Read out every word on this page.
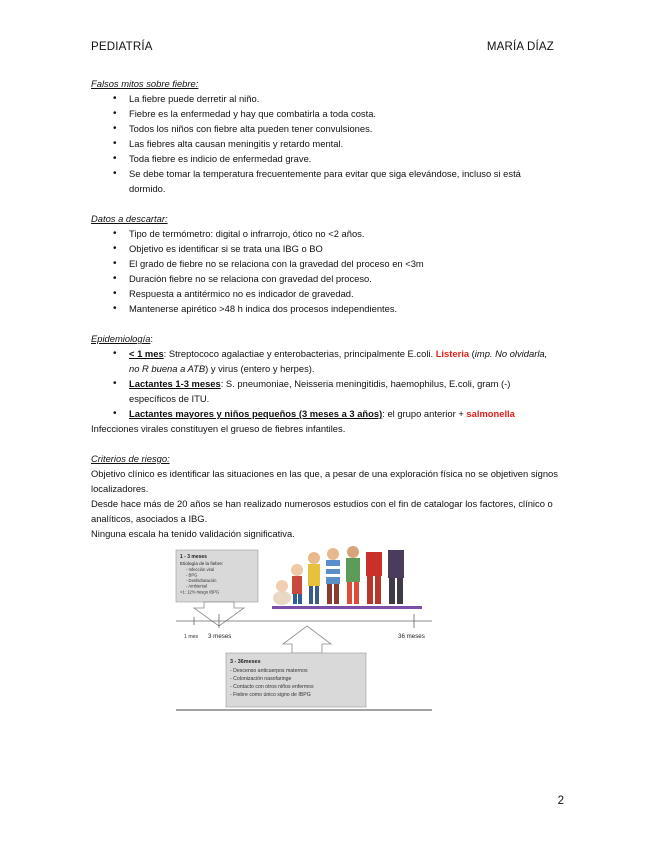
PEDIATRÍA	MARÍA DÍAZ

Falsos mitos sobre fiebre:

• La fiebre puede derretir al niño.
• Fiebre es la enfermedad y hay que combatirla a toda costa.
• Todos los niños con fiebre alta pueden tener convulsiones.
• Las fiebres alta causan meningitis y retardo mental.
• Toda fiebre es indicio de enfermedad grave.
• Se debe tomar la temperatura frecuentemente para evitar que siga elevándose, incluso si está dormido.

Datos a descartar:

• Tipo de termómetro: digital o infrarrojo, ótico no <2 años.
• Objetivo es identificar si se trata una IBG o BO
• El grado de fiebre no se relaciona con la gravedad del proceso en <3m
• Duración fiebre no se relaciona con gravedad del proceso.
• Respuesta a antitérmico no es indicador de gravedad.
• Mantenerse apirético >48 h indica dos procesos independientes.

Epidemiología:

• < 1 mes: Streptococo agalactiae y enterobacterias, principalmente E.coli. Listeria (imp. No olvidarla, no R buena a ATB) y virus (entero y herpes).
• Lactantes 1-3 meses: S. pneumoniae, Neisseria meningitidis, haemophilus, E.coli, gram (-) específicos de ITU.
• Lactantes mayores y niños pequeños (3 meses a 3 años): el grupo anterior + salmonella

Infecciones virales constituyen el grueso de fiebres infantiles.

Criterios de riesgo:

Objetivo clínico es identificar las situaciones en las que, a pesar de una exploración física no se objetiven signos localizadores.

Desde hace más de 20 años se han realizado numerosos estudios con el fin de catalogar los factores, clínico o analíticos, asociados a IBG.

Ninguna escala ha tenido validación significativa.

1 - 3 meses
Etiología de la fiebre:
- Infección viral
- BPG
- Deshidratación
- Ambiental
<1: 12% riesgo IBPG
1 mes 3 meses	36 meses
3 - 36meses
- Descenso anticuerpos maternos
- Colonización nasofaringe
- Contacto con otros niños enfermos
- Fiebre como único signo de IBPG
2
